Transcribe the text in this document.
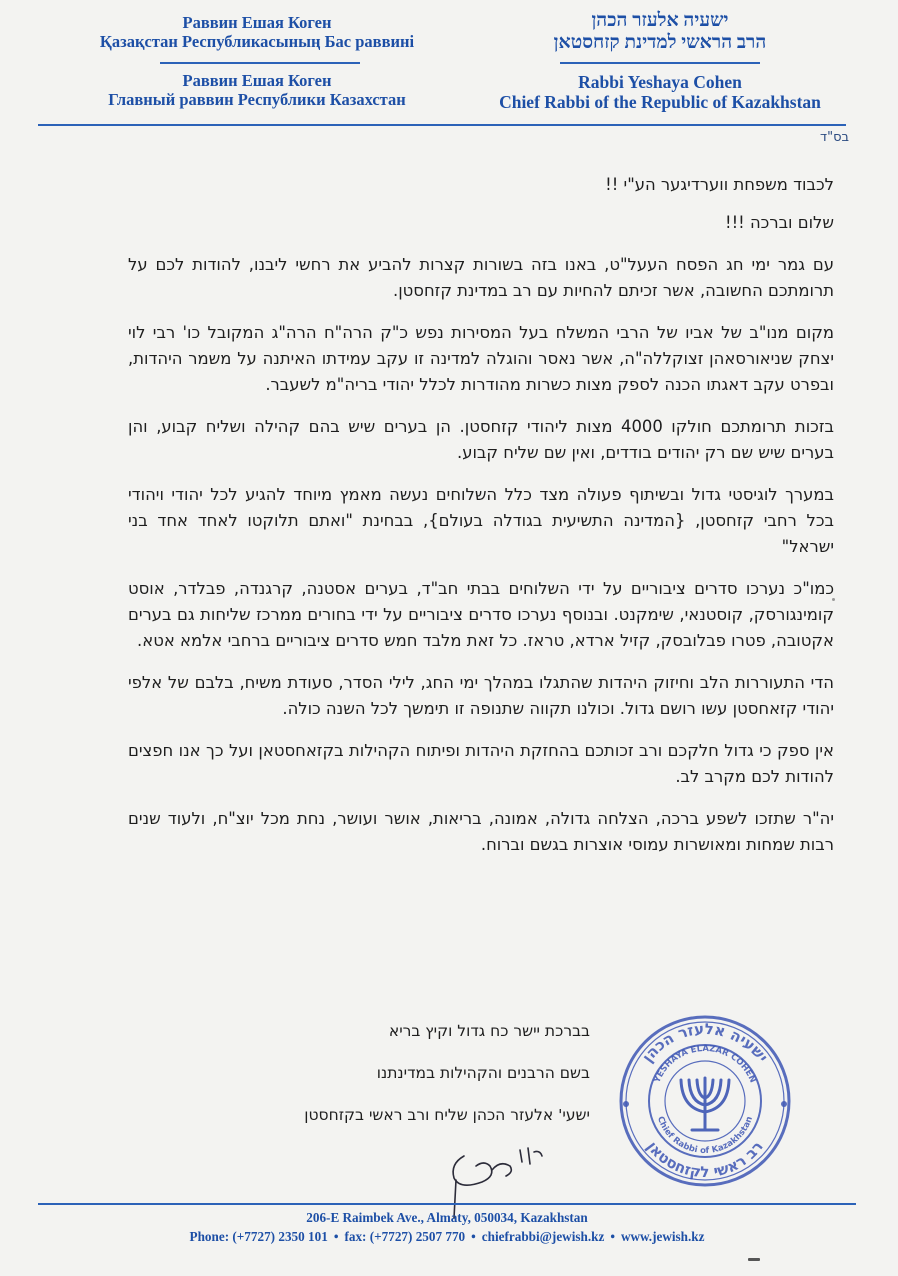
Раввин Ешая Коген
Қазақстан Республикасының Бас раввині
Раввин Ешая Коген
Главный раввин Республики Казахстан
ישעיה אלעזר הכהן
הרב הראשי למדינת קזחסטאן
Rabbi Yeshaya Cohen
Chief Rabbi of the Republic of Kazakhstan
בס"ד

לכבוד משפחת ווערדיגער הע"י !!

שלום וברכה !!!

עם גמר ימי חג הפסח העעל"ט, באנו בזה בשורות קצרות להביע את רחשי ליבנו, להודות לכם על תרומתכם החשובה, אשר זכיתם להחיות עם רב במדינת קזחסטן.

מקום מנו"ב של אביו של הרבי המשלח בעל המסירות נפש כ"ק הרה"ח הרה"ג המקובל כו' רבי לוי יצחק שניאורסאהן זצוקללה"ה, אשר נאסר והוגלה למדינה זו עקב עמידתו האיתנה על משמר היהדות, ובפרט עקב דאגתו הכנה לספק מצות כשרות מהודרות לכלל יהודי בריה"מ לשעבר.

בזכות תרומתכם חולקו 4000 מצות ליהודי קזחסטן. הן בערים שיש בהם קהילה ושליח קבוע, והן בערים שיש שם רק יהודים בודדים, ואין שם שליח קבוע.

במערך לוגיסטי גדול ובשיתוף פעולה מצד כלל השלוחים נעשה מאמץ מיוחד להגיע לכל יהודי ויהודי בכל רחבי קזחסטן, {המדינה התשיעית בגודלה בעולם}, בבחינת "ואתם תלוקטו לאחד אחד בני ישראל"

כמו"כ נערכו סדרים ציבוריים על ידי השלוחים בבתי חב"ד, בערים אסטנה, קרגנדה, פבלדר, אוסט קומינגורסק, קוסטנאי, שימקנט. ובנוסף נערכו סדרים ציבוריים על ידי בחורים ממרכז שליחות גם בערים אקטובה, פטרו פבלובסק, קזיל ארדא, טראז. כל זאת מלבד חמש סדרים ציבוריים ברחבי אלמא אטא.

הדי התעוררות הלב וחיזוק היהדות שהתגלו במהלך ימי החג, לילי הסדר, סעודת משיח, בלבם של אלפי יהודי קזאחסטן עשו רושם גדול. וכולנו תקווה שתנופה זו תימשך לכל השנה כולה.

אין ספק כי גדול חלקכם ורב זכותכם בהחזקת היהדות ופיתוח הקהילות בקזאחסטאן ועל כך אנו חפצים להודות לכם מקרב לב.

יה"ר שתזכו לשפע ברכה, הצלחה גדולה, אמונה, בריאות, אושר ועושר, נחת מכל יוצ"ח, ולעוד שנים רבות שמחות ומאושרות עמוסי אוצרות בגשם וברוח.

בברכת יישר כח גדול וקיץ בריא
בשם הרבנים והקהילות במדינתנו
ישעי' אלעזר הכהן שליח ורב ראשי בקזחסטן
ישעיה אלעזר הכהן
רב ראשי לקזחסטאן
YESHAYA ELAZAR COHEN
Chief Rabbi of Kazakhstan
206-E Raimbek Ave., Almaty, 050034, Kazakhstan
Phone: (+7727) 2350 101 • fax: (+7727) 2507 770 • chiefrabbi@jewish.kz • www.jewish.kz
